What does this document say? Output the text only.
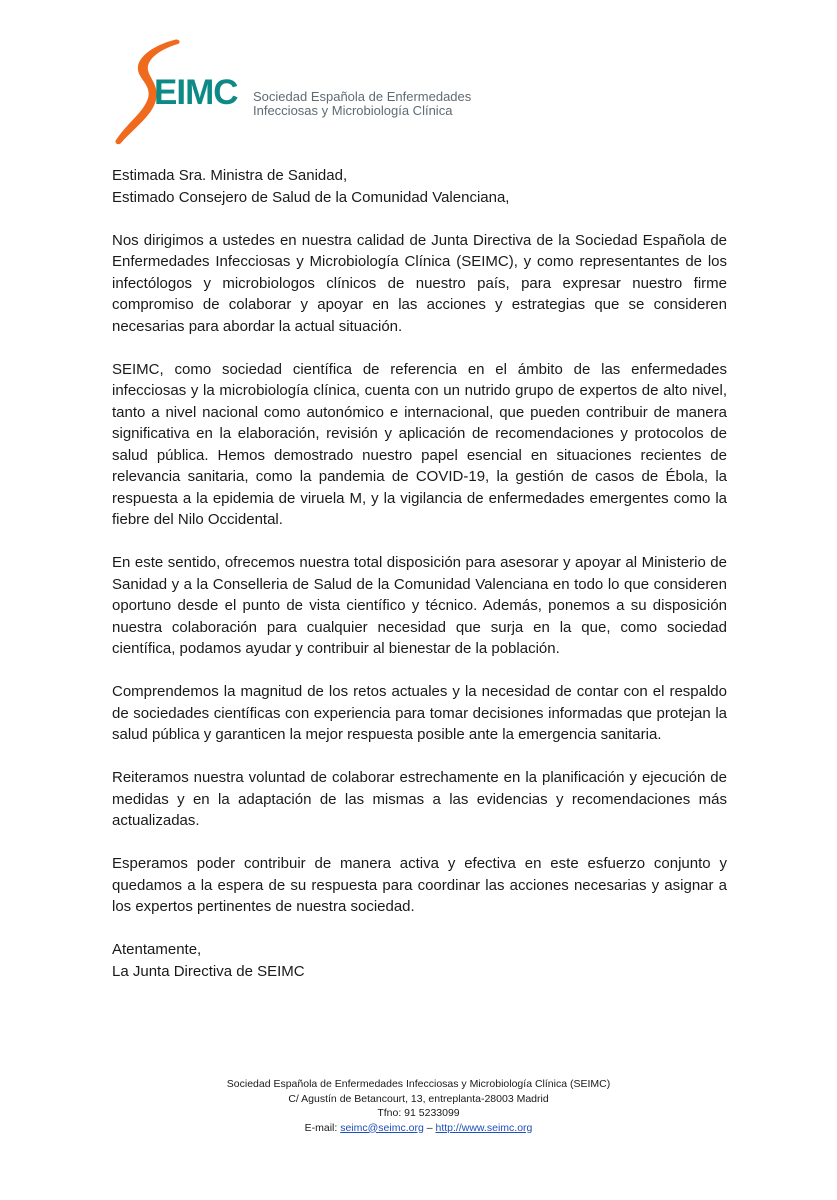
EIMC Sociedad Española de Enfermedades
Infecciosas y Microbiología Clínica

Estimada Sra. Ministra de Sanidad,

Estimado Consejero de Salud de la Comunidad Valenciana,

Nos dirigimos a ustedes en nuestra calidad de Junta Directiva de la Sociedad Española de Enfermedades Infecciosas y Microbiología Clínica (SEIMC), y como representantes de los infectólogos y microbiologos clínicos de nuestro país, para expresar nuestro firme compromiso de colaborar y apoyar en las acciones y estrategias que se consideren necesarias para abordar la actual situación.

SEIMC, como sociedad científica de referencia en el ámbito de las enfermedades infecciosas y la microbiología clínica, cuenta con un nutrido grupo de expertos de alto nivel, tanto a nivel nacional como autonómico e internacional, que pueden contribuir de manera significativa en la elaboración, revisión y aplicación de recomendaciones y protocolos de salud pública. Hemos demostrado nuestro papel esencial en situaciones recientes de relevancia sanitaria, como la pandemia de COVID-19, la gestión de casos de Ébola, la respuesta a la epidemia de viruela M, y la vigilancia de enfermedades emergentes como la fiebre del Nilo Occidental.

En este sentido, ofrecemos nuestra total disposición para asesorar y apoyar al Ministerio de Sanidad y a la Conselleria de Salud de la Comunidad Valenciana en todo lo que consideren oportuno desde el punto de vista científico y técnico. Además, ponemos a su disposición nuestra colaboración para cualquier necesidad que surja en la que, como sociedad científica, podamos ayudar y contribuir al bienestar de la población.

Comprendemos la magnitud de los retos actuales y la necesidad de contar con el respaldo de sociedades científicas con experiencia para tomar decisiones informadas que protejan la salud pública y garanticen la mejor respuesta posible ante la emergencia sanitaria.

Reiteramos nuestra voluntad de colaborar estrechamente en la planificación y ejecución de medidas y en la adaptación de las mismas a las evidencias y recomendaciones más actualizadas.

Esperamos poder contribuir de manera activa y efectiva en este esfuerzo conjunto y quedamos a la espera de su respuesta para coordinar las acciones necesarias y asignar a los expertos pertinentes de nuestra sociedad.

Atentamente,

La Junta Directiva de SEIMC

Sociedad Española de Enfermedades Infecciosas y Microbiología Clínica (SEIMC)
C/ Agustín de Betancourt, 13, entreplanta-28003 Madrid
Tfno: 91 5233099
E-mail: seimc@seimc.org – http://www.seimc.org
